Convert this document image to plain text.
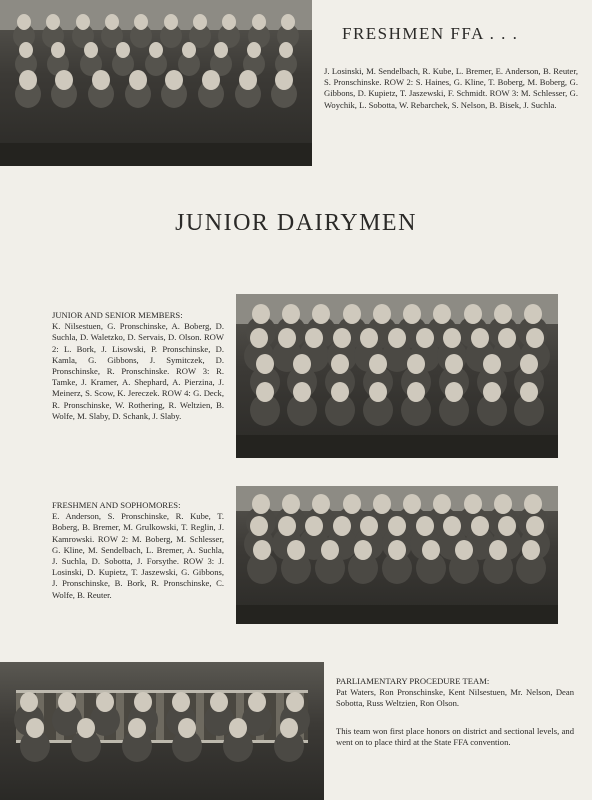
FRESHMEN FFA . . .

J. Losinski, M. Sendelbach, R. Kube, L. Bremer, E. Anderson, B. Reuter, S. Pronschinske. ROW 2: S. Haines, G. Kline, T. Boberg, M. Boberg, G. Gibbons, D. Kupietz, T. Jaszewski, F. Schmidt. ROW 3: M. Schlesser, G. Woychik, L. Sobotta, W. Rebarchek, S. Nelson, B. Bisek, J. Suchla.

JUNIOR DAIRYMEN

JUNIOR AND SENIOR MEMBERS:
K. Nilsestuen, G. Pronschinske, A. Boberg, D. Suchla, D. Waletzko, D. Servais, D. Olson. ROW 2: L. Bork, J. Lisowski, P. Pronschinske, D. Kamla, G. Gibbons, J. Symitczek, D. Pronschinske, R. Pronschinske. ROW 3: R. Tamke, J. Kramer, A. Shephard, A. Pierzina, J. Meinerz, S. Scow, K. Jereczek. ROW 4: G. Deck, R. Pronschinske, W. Rothering, R. Weltzien, B. Wolfe, M. Slaby, D. Schank, J. Slaby.

FRESHMEN AND SOPHOMORES:
E. Anderson, S. Pronschinske, R. Kube, T. Boberg, B. Bremer, M. Grulkowski, T. Reglin, J. Kamrowski. ROW 2: M. Boberg, M. Schlesser, G. Kline, M. Sendelbach, L. Bremer, A. Suchla, J. Suchla, D. Sobotta, J. Forsythe. ROW 3: J. Losinski, D. Kupietz, T. Jaszewski, G. Gibbons, J. Pronschinske, B. Bork, R. Pronschinske, C. Wolfe, B. Reuter.

PARLIAMENTARY PROCEDURE TEAM:
Pat Waters, Ron Pronschinske, Kent Nilsestuen, Mr. Nelson, Dean Sobotta, Russ Weltzien, Ron Olson.

This team won first place honors on district and sectional levels, and went on to place third at the State FFA convention.
